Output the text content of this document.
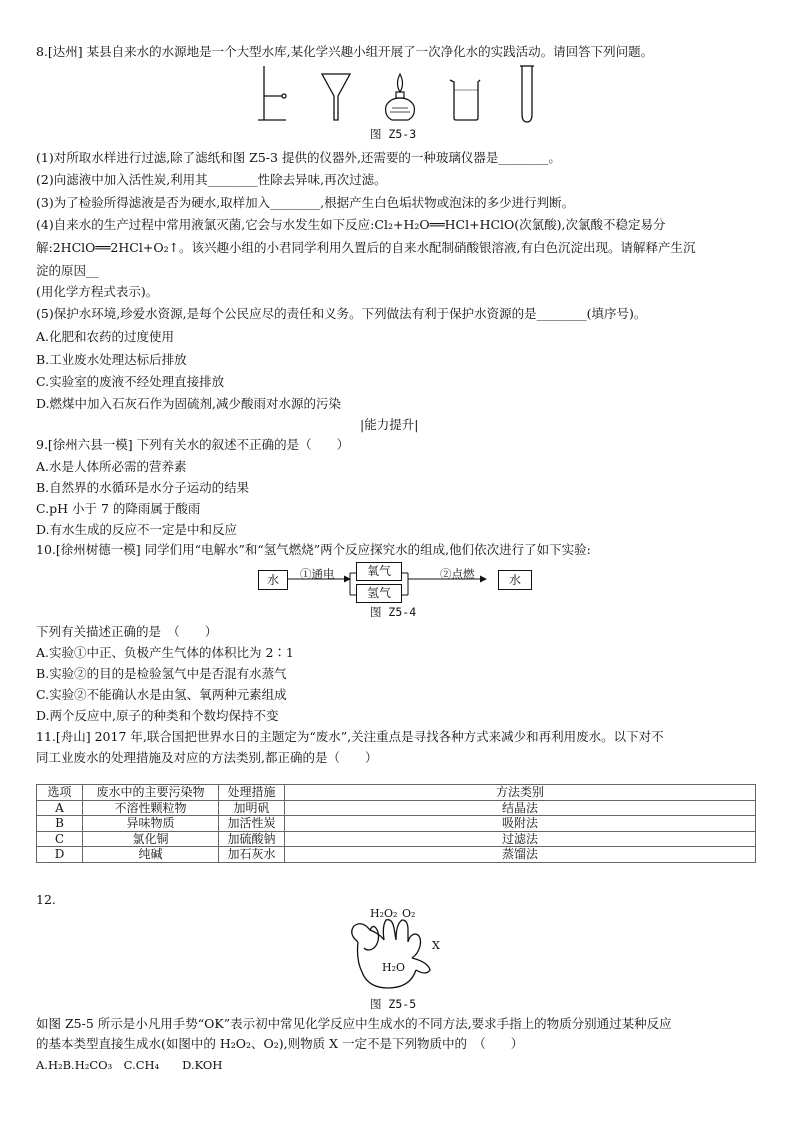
8.[达州] 某县自来水的水源地是一个大型水库,某化学兴趣小组开展了一次净化水的实践活动。请回答下列问题。
图 Z5-3
(1)对所取水样进行过滤,除了滤纸和图 Z5-3 提供的仪器外,还需要的一种玻璃仪器是________。
(2)向滤液中加入活性炭,利用其________性除去异味,再次过滤。
(3)为了检验所得滤液是否为硬水,取样加入________,根据产生白色垢状物或泡沫的多少进行判断。
(4)自来水的生产过程中常用液氯灭菌,它会与水发生如下反应:Cl₂+H₂O══HCl+HClO(次氯酸),次氯酸不稳定易分
解:2HClO══2HCl+O₂↑。该兴趣小组的小君同学利用久置后的自来水配制硝酸银溶液,有白色沉淀出现。请解释产生沉
淀的原因__
(用化学方程式表示)。
(5)保护水环境,珍爱水资源,是每个公民应尽的责任和义务。下列做法有利于保护水资源的是________(填序号)。
A.化肥和农药的过度使用
B.工业废水处理达标后排放
C.实验室的废液不经处理直接排放
D.燃煤中加入石灰石作为固硫剂,减少酸雨对水源的污染
|能力提升|
9.[徐州六县一模] 下列有关水的叙述不正确的是（　　）
A.水是人体所必需的营养素
B.自然界的水循环是水分子运动的结果
C.pH 小于 7 的降雨属于酸雨
D.有水生成的反应不一定是中和反应
10.[徐州树德一模] 同学们用“电解水”和“氢气燃烧”两个反应探究水的组成,他们依次进行了如下实验:
水
氧气
氢气
水
①通电	②点燃
图 Z5-4
下列有关描述正确的是　（　　）
A.实验①中正、负极产生气体的体积比为 2∶1
B.实验②的目的是检验氢气中是否混有水蒸气
C.实验②不能确认水是由氢、氧两种元素组成
D.两个反应中,原子的种类和个数均保持不变
11.[舟山] 2017 年,联合国把世界水日的主题定为“废水”,关注重点是寻找各种方式来减少和再利用废水。以下对不
同工业废水的处理措施及对应的方法类别,都正确的是（　　）
选项	废水中的主要污染物	处理措施	方法类别
A	不溶性颗粒物	加明矾	结晶法
B	异味物质	加活性炭	吸附法
C	氯化铜	加硫酸钠	过滤法
D	纯碱	加石灰水	蒸馏法
12.
H₂O₂ O₂
X
H₂O
图 Z5-5
如图 Z5-5 所示是小凡用手势“OK”表示初中常见化学反应中生成水的不同方法,要求手指上的物质分别通过某种反应
的基本类型直接生成水(如图中的 H₂O₂、O₂),则物质 X 一定不是下列物质中的　（　　）
A.H₂B.H₂CO₃　C.CH₄　　D.KOH
